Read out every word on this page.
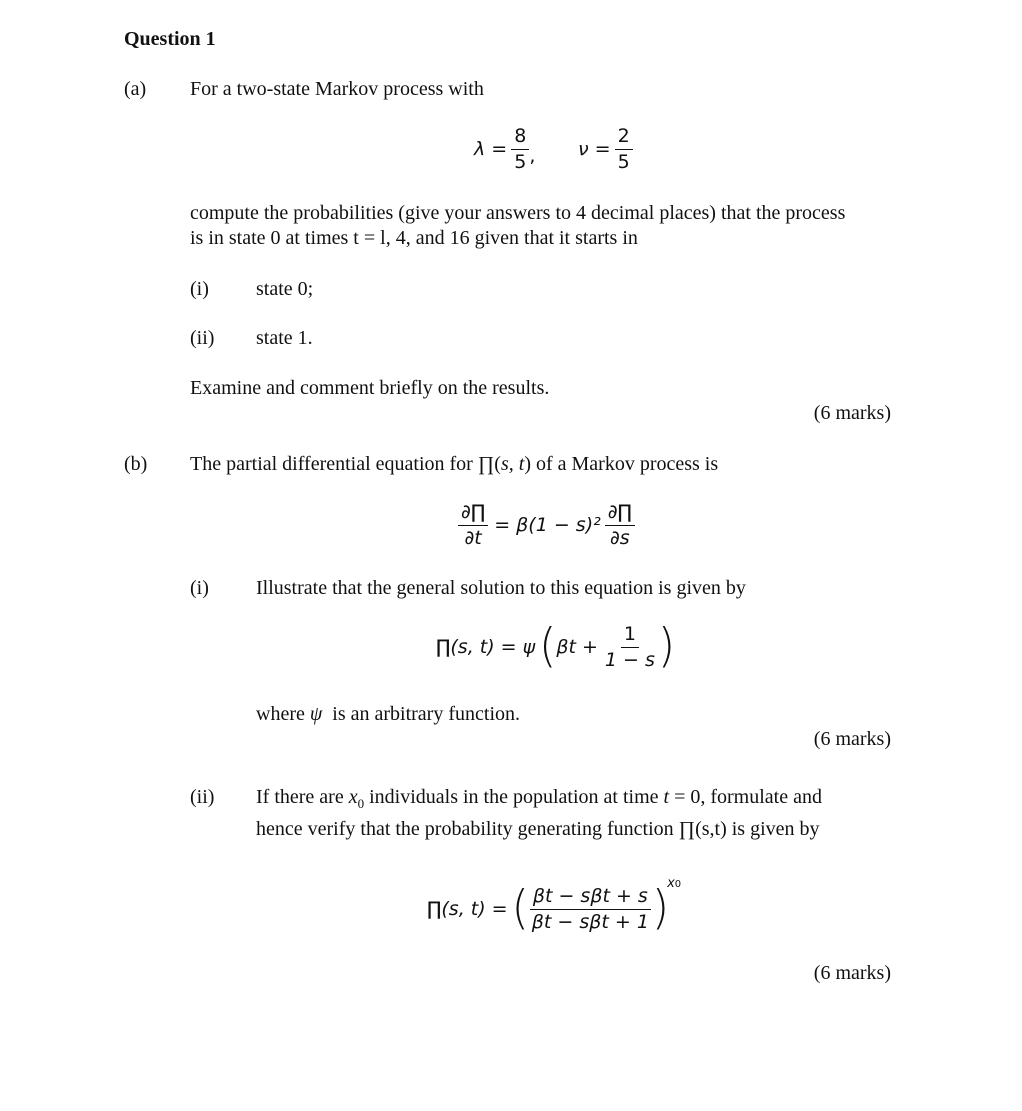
Question 1
(a) For a two-state Markov process with
$\lambda = \frac{8}{5}$ , $\nu = \frac{2}{5}$
compute the probabilities (give your answers to 4 decimal places) that the process
is in state 0 at times t = l, 4, and 16 given that it starts in
(i) state 0;
(ii) state 1.
Examine and comment briefly on the results.
(6 marks)
(b) The partial differential equation for ∏(s, t) of a Markov process is
$\frac{\partial\prod}{\partial t} = \beta(1 - s)^2 \frac{\partial\prod}{\partial s}$
(i) Illustrate that the general solution to this equation is given by
∏(s, t) = ψ ( $\beta t + \frac{1}{1 - s}$ )
where ψ  is an arbitrary function.
(6 marks)
(ii) If there are $x_0$ individuals in the population at time t = 0, formulate and
hence verify that the probability generating function ∏(s,t) is given by
∏(s, t) = ( $\frac{\text{βt − sβt + s}}{\text{βt − sβt + 1}}$ )
x0
(6 marks)
